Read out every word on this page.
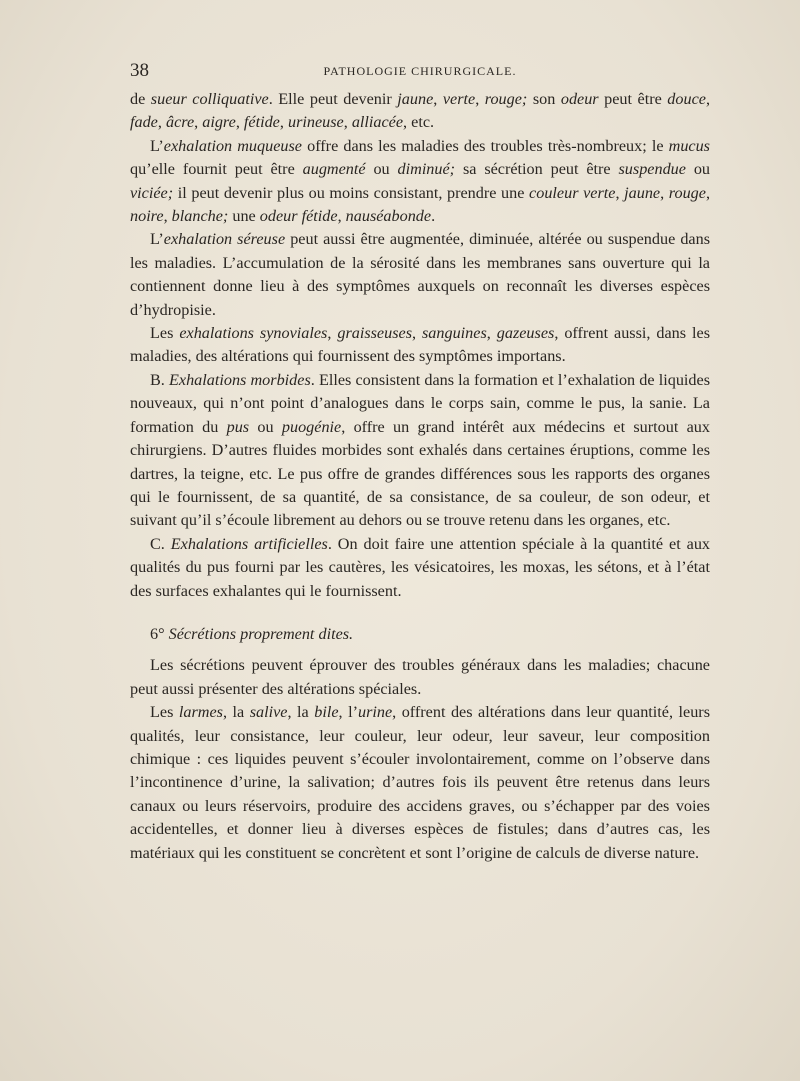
38	PATHOLOGIE CHIRURGICALE.

de sueur colliquative. Elle peut devenir jaune, verte, rouge; son odeur peut être douce, fade, âcre, aigre, fétide, urineuse, alliacée, etc.

L’exhalation muqueuse offre dans les maladies des troubles très-nombreux; le mucus qu’elle fournit peut être augmenté ou diminué; sa sécrétion peut être suspendue ou viciée; il peut devenir plus ou moins consistant, prendre une couleur verte, jaune, rouge, noire, blanche; une odeur fétide, nauséabonde.

L’exhalation séreuse peut aussi être augmentée, diminuée, altérée ou suspendue dans les maladies. L’accumulation de la sérosité dans les membranes sans ouverture qui la contiennent donne lieu à des symptômes auxquels on reconnaît les diverses espèces d’hydropisie.

Les exhalations synoviales, graisseuses, sanguines, gazeuses, offrent aussi, dans les maladies, des altérations qui fournissent des symptômes importans.

B. Exhalations morbides. Elles consistent dans la formation et l’exhalation de liquides nouveaux, qui n’ont point d’analogues dans le corps sain, comme le pus, la sanie. La formation du pus ou puogénie, offre un grand intérêt aux médecins et surtout aux chirurgiens. D’autres fluides morbides sont exhalés dans certaines éruptions, comme les dartres, la teigne, etc. Le pus offre de grandes différences sous les rapports des organes qui le fournissent, de sa quantité, de sa consistance, de sa couleur, de son odeur, et suivant qu’il s’écoule librement au dehors ou se trouve retenu dans les organes, etc.

C. Exhalations artificielles. On doit faire une attention spéciale à la quantité et aux qualités du pus fourni par les cautères, les vésicatoires, les moxas, les sétons, et à l’état des surfaces exhalantes qui le fournissent.

6° Sécrétions proprement dites.

Les sécrétions peuvent éprouver des troubles généraux dans les maladies; chacune peut aussi présenter des altérations spéciales.

Les larmes, la salive, la bile, l’urine, offrent des altérations dans leur quantité, leurs qualités, leur consistance, leur couleur, leur odeur, leur saveur, leur composition chimique : ces liquides peuvent s’écouler involontairement, comme on l’observe dans l’incontinence d’urine, la salivation; d’autres fois ils peuvent être retenus dans leurs canaux ou leurs réservoirs, produire des accidens graves, ou s’échapper par des voies accidentelles, et donner lieu à diverses espèces de fistules; dans d’autres cas, les matériaux qui les constituent se concrètent et sont l’origine de calculs de diverse nature.
